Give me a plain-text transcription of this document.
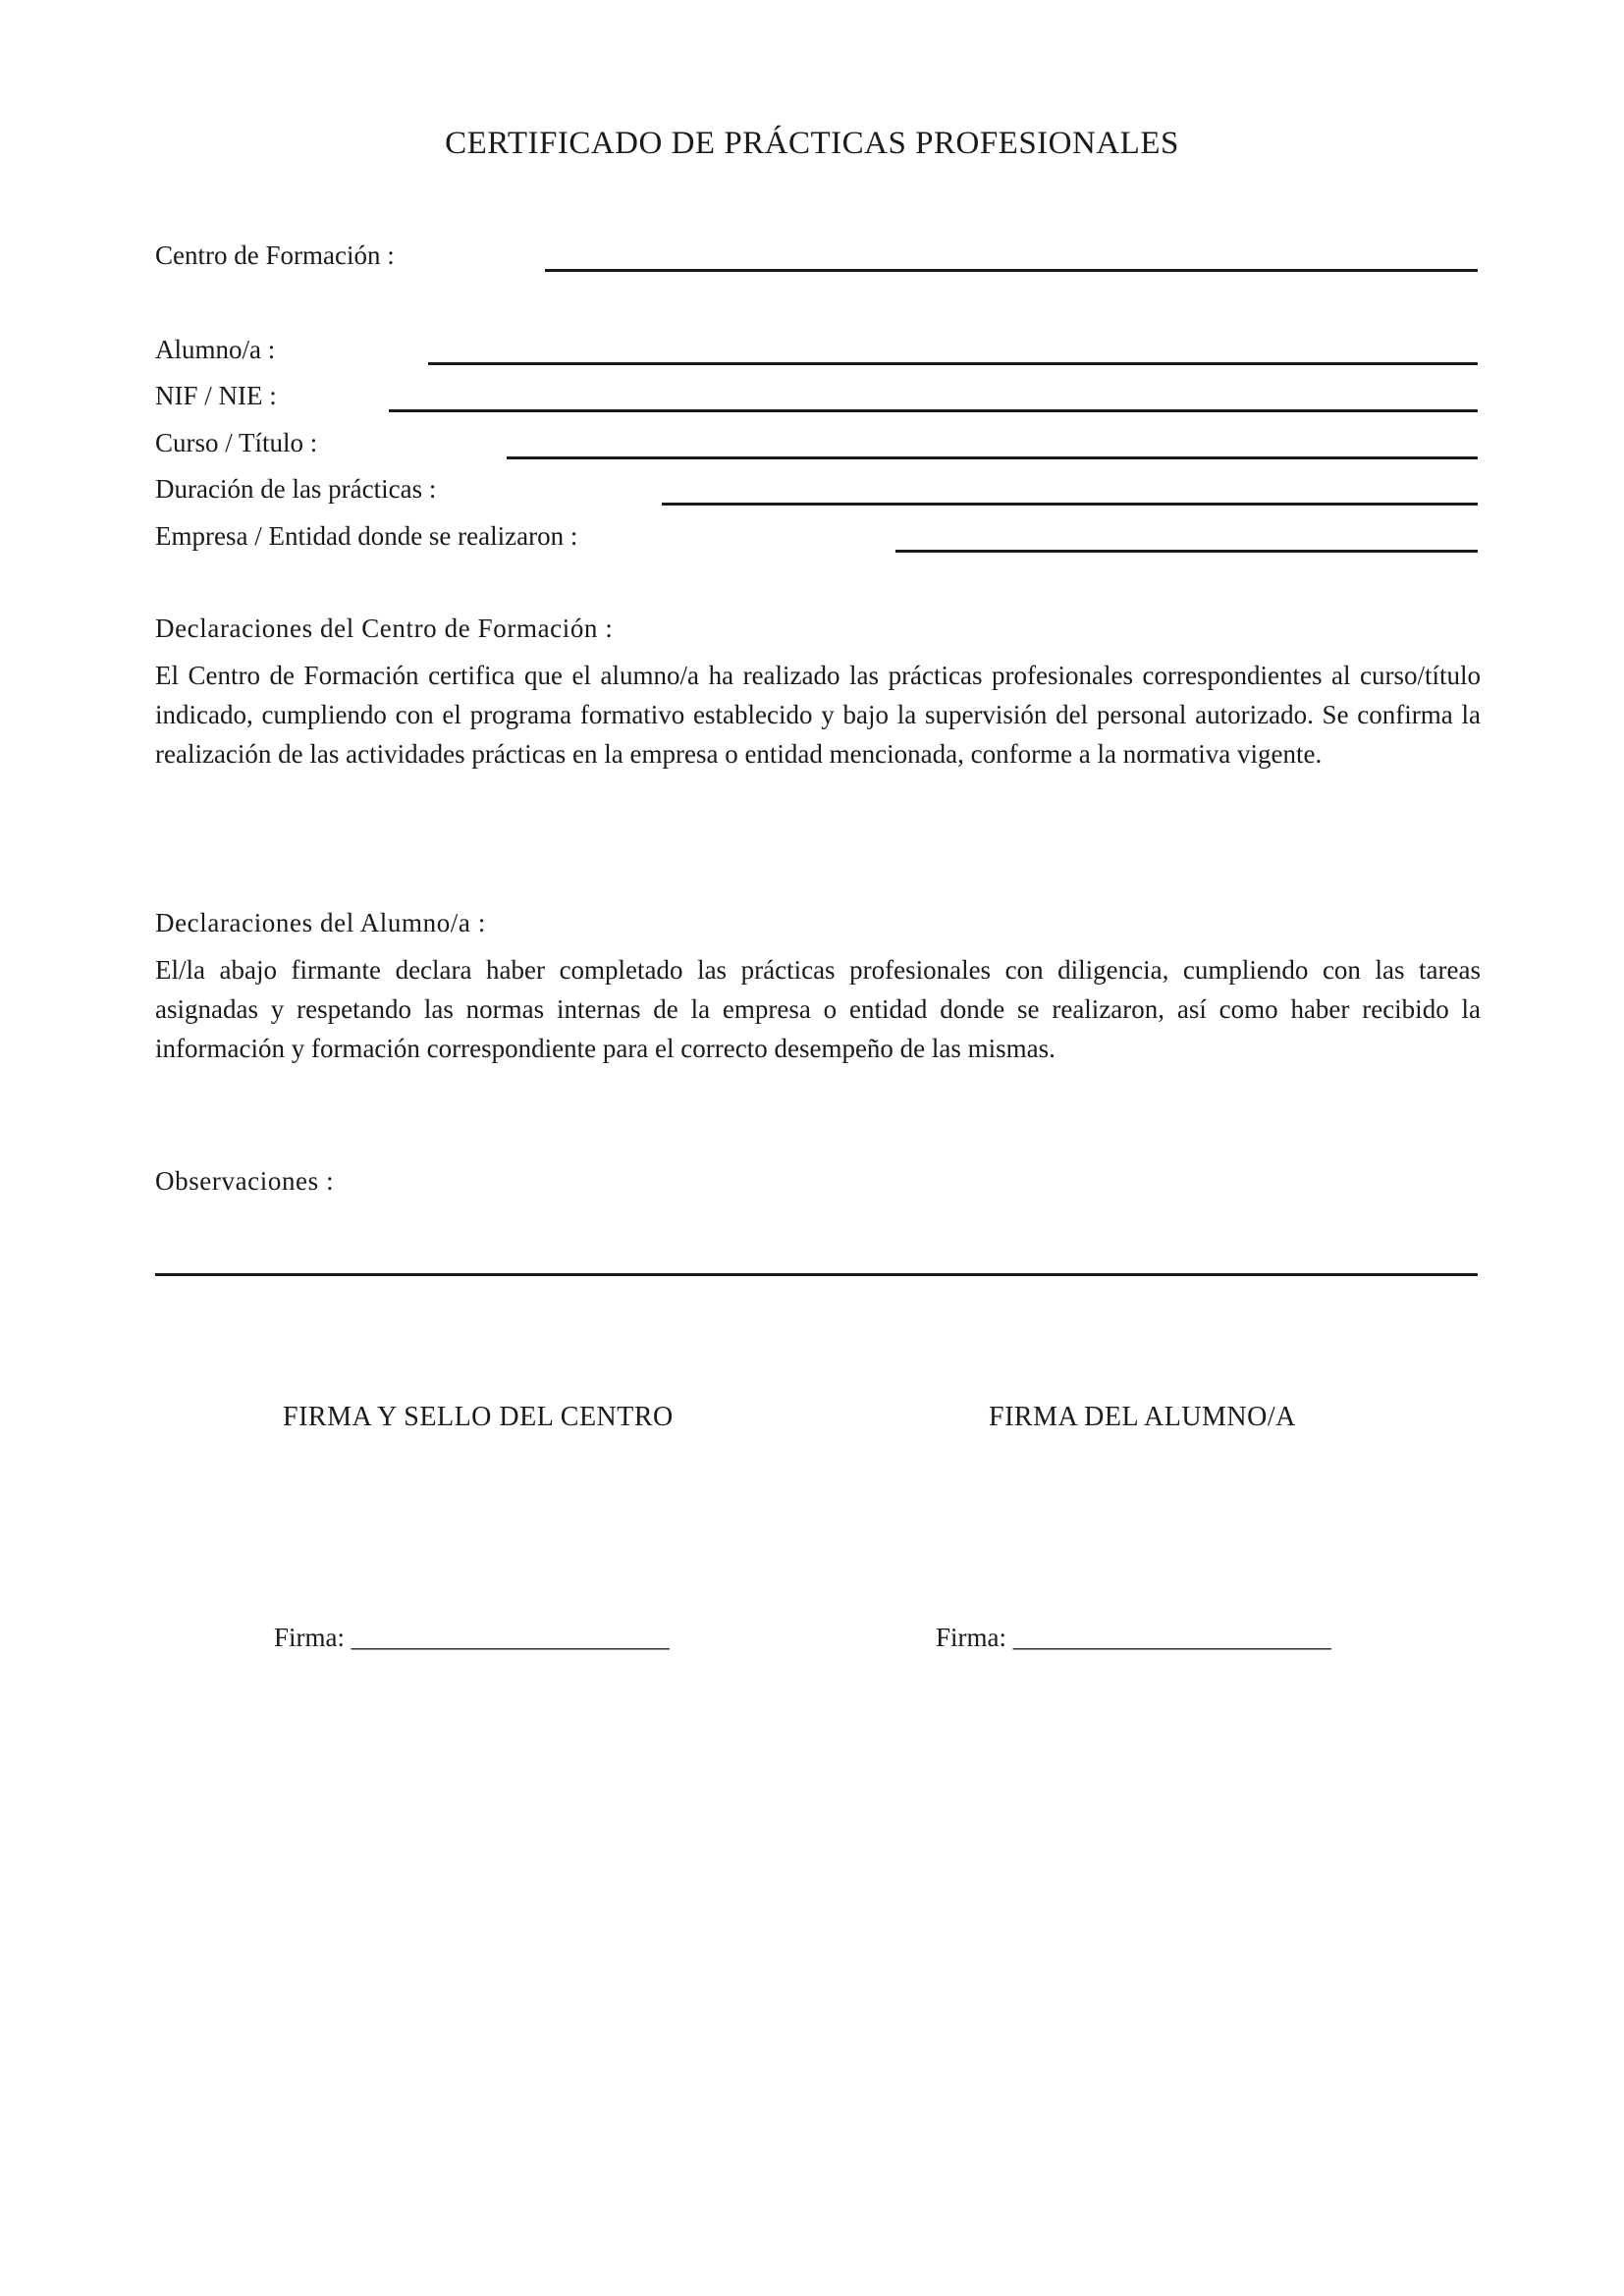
CERTIFICADO DE PRÁCTICAS PROFESIONALES
Centro de Formación :
Alumno/a :
NIF / NIE :
Curso / Título :
Duración de las prácticas :
Empresa / Entidad donde se realizaron :
Declaraciones del Centro de Formación :
El Centro de Formación certifica que el alumno/a ha realizado las prácticas profesionales correspondientes al curso/título indicado, cumpliendo con el programa formativo establecido y bajo la supervisión del personal autorizado. Se confirma la realización de las actividades prácticas en la empresa o entidad mencionada, conforme a la normativa vigente.
Declaraciones del Alumno/a :
El/la abajo firmante declara haber completado las prácticas profesionales con diligencia, cumpliendo con las tareas asignadas y respetando las normas internas de la empresa o entidad donde se realizaron, así como haber recibido la información y formación correspondiente para el correcto desempeño de las mismas.
Observaciones :
FIRMA Y SELLO DEL CENTRO	FIRMA DEL ALUMNO/A
Firma: ________________________	Firma: ________________________
